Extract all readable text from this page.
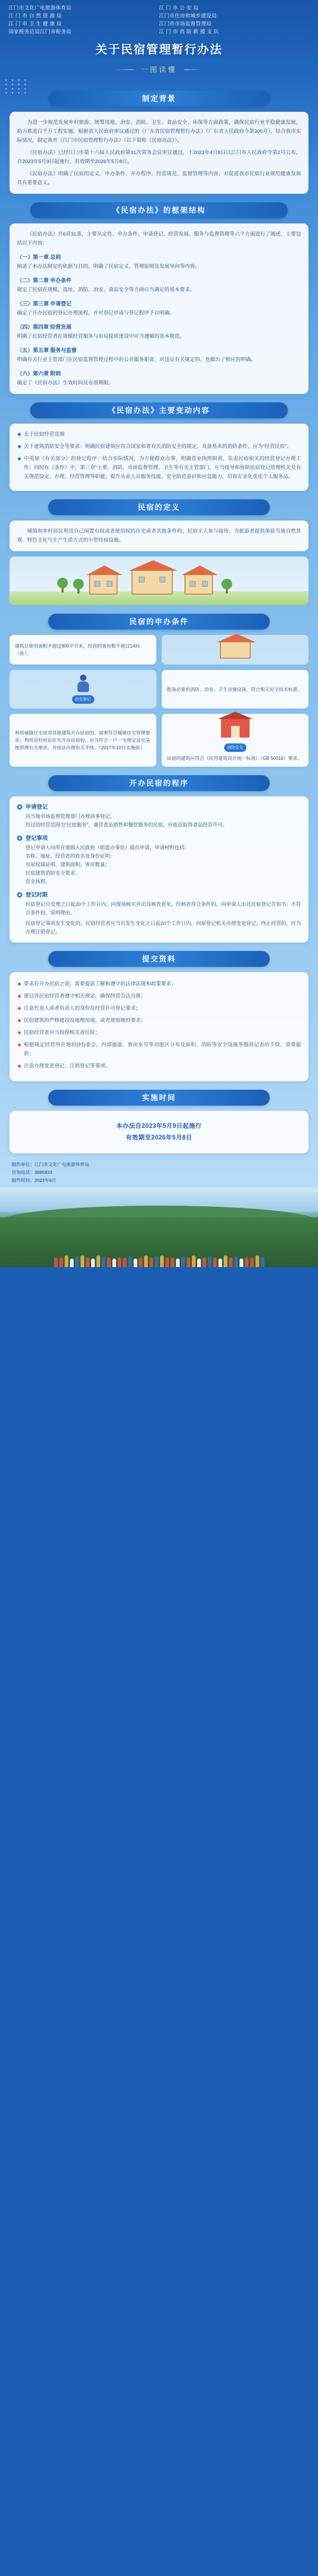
江门市文化广电旅游体育局
江 门 市 自 然 资 源 局
江 门 市 卫 生 健 康 局
国家税务总局江门市税务局
江 门 市 公 安 局
江门市住房和城乡建设局
江门市市场监督管理局
江 门 市 消 防 救 援 支 队
关于民宿管理暂行办法
一图读懂
制定背景

为进一步规范发展乡村旅游，统筹用地、治安、消防、卫生、食品安全、环保等方面政策，确保民宿行业平稳健康发展，助力推进百千万工程实施，根据省人民政府审议通过的《广东省民宿管理暂行办法》（广东省人民政府令第305号），结合我市实际情况，制定我市《江门市民宿管理暂行办法》（以下简称《民宿办法》）。

《民宿办法》已经江门市第十六届人民政府第31次常务会议审议通过，于2023年4月8日以江门市人民政府令第2号公布，自2023年5月9日起施行，有效期至2026年5月8日。

《民宿办法》明确了民宿的定义、申办条件、开办程序、经营规范、监督管理等内容，对促进我市民宿行业规范健康发展具有重要意义。

《民宿办法》的框架结构

《民宿办法》共6章31条，主要从定性、申办条件、申请登记、经营发展、服务与监督管理等六个方面进行了阐述，主要包括以下内容：

（一）第一章 总则
阐述了本办法制定的依据与目的，明确了民宿定义、管理原则及发展导向等内容。
（二）第二章 申办条件
规定了民宿在规模、选址、消防、治安、食品安全等方面应当满足的基本要求。
（三）第三章 申请登记
确定了开办民宿的登记办理流程，并对登记申请与登记程序予以明确。
（四）第四章 经营发展
明确了民宿经营者在规模经营服务与布局提质建设中应当遵循的基本规范。
（五）第五章 服务与监督
明确有关行业主管部门在民宿监督管理过程中的公共服务职责，对违反有关规定的，也做出了相应的明确。
（六）第六章 附则
确定了《民宿办法》生效时间及有效期限。
《民宿办法》主要变动内容
关于民宿经营范围
关于建筑消防安全等要求：明确民宿建筑应符合国家和省有关消防安全的规定，具备基本的消防条件，应为“经营民宿”。
中英加《有关部分》的登记程序：结合实际情况，为方便群众办事，明确营业执照职责，负责民宿相关的经营登记办理工作；同时在《条件》中，第三章”主要、消防、市场监督管理、卫生等有关主管部门，应当指导和协助民宿登记管理机关及有关规范设定、办理、经营管理等职能，提升从业人员服务技能、安全防范意识和应急能力，培育专业化优化个人服务品。
民宿的定义

城镇和乡村居民利用自己闲置有权或者使用权的住宅或者其他条件的，民宿主人参与接待，为旅游者提供体验当地自然景观、特色文化与生产生活方式的小型住宿设施。

民宿的申办条件
建筑总使用面积不超过800平方米，经营的客房数不超过14间（套）。
治安登记
配备必要的消防、治安、卫生设施设备，符合相关安全技术标准。
利用城镇住宅或者其他建筑开办民宿的，需要符合城镇住宅管理要求；利用农村村民住宅开办民宿的，应当符合一户一宅规定及宅基地管理有关要求，并依法办理有关手续。（2017年10月实施前）	消防安全
民宿的建筑应符合《民用建筑设计统一标准》（GB 50016）要求。
开办民宿的程序
申请登记
向当地市场监督管理部门办理商事登记。
经过的经营范围为“民宿服务”，兼营食品销售和餐饮服务的民宿，应依法取得食品经营许可。
登记事项
登记申请人向所在地镇人民政府（街道办事处）提出申请，申请材料包括：
名称、地址、经营者的姓名及身份证明；
房屋权属证明、建筑面积、客房数量；
民宿建筑消防安全要求；
营业执照。
登记时限
民宿登记自受理之日起20个工作日内，向现场核实并出具核查意见。经核查符合条件的，向申请人出具民宿登记告知书；不符合条件的，说明理由。
民宿登记事项发生变化的，民宿经营者应当自发生变化之日起20个工作日内，向原登记机关办理变更登记；终止经营的，应当办理注销登记。
提交资料
要求在开办民宿之前，需要提前了解和遵守的法律法规和政策要求；
建议各民宿经营者遵守相关规定，确保经营合法合规；
注意代表人或者负责人的身份及经营许可登记要求；
民宿建筑的严格建设及地理用地、或者规划地形要求；
民宿经营者应当投保相关责任险；
根据规定经营所在地居(村)委会，内部通道、客房室号等功能区分布及面积、消防等安全设施等级登记表的手续，需要提供；
注意办理变更登记、注销登记等事项。
实施时间
本办法自2023年5月9日起施行
有效期至2026年5月8日
制作单位：江门市文化广电旅游体育局
咨询电话：3985833
制作时间：2023年6月
